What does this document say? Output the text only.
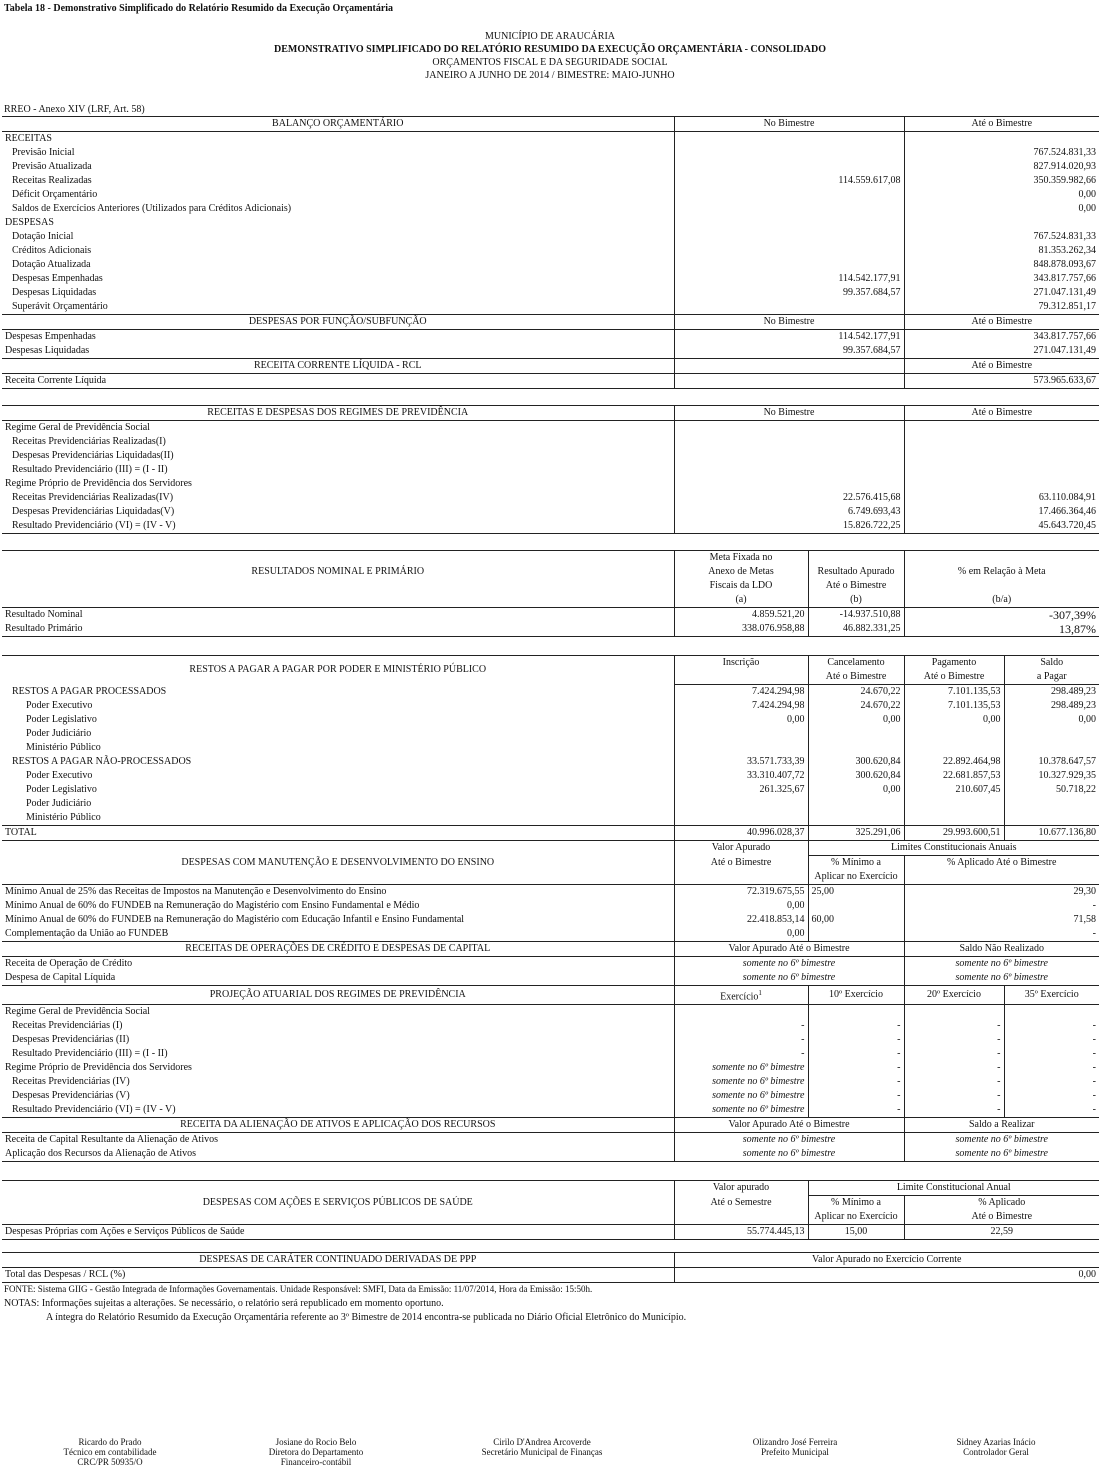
Tabela 18 - Demonstrativo Simplificado do Relatório Resumido da Execução Orçamentária
MUNICÍPIO DE ARAUCÁRIA
DEMONSTRATIVO SIMPLIFICADO DO RELATÓRIO RESUMIDO DA EXECUÇÃO ORÇAMENTÁRIA - CONSOLIDADO
ORÇAMENTOS FISCAL E DA SEGURIDADE SOCIAL
JANEIRO A JUNHO DE 2014 / BIMESTRE: MAIO-JUNHO
RREO - Anexo XIV (LRF, Art. 58)
BALANÇO ORÇAMENTÁRIO	No Bimestre	Até o Bimestre
RECEITAS		
Previsão Inicial		767.524.831,33
Previsão Atualizada		827.914.020,93
Receitas Realizadas	114.559.617,08	350.359.982,66
Déficit Orçamentário		0,00
Saldos de Exercícios Anteriores (Utilizados para Créditos Adicionais)		0,00
DESPESAS		
Dotação Inicial		767.524.831,33
Créditos Adicionais		81.353.262,34
Dotação Atualizada		848.878.093,67
Despesas Empenhadas	114.542.177,91	343.817.757,66
Despesas Liquidadas	99.357.684,57	271.047.131,49
Superávit Orçamentário		79.312.851,17
DESPESAS POR FUNÇÃO/SUBFUNÇÃO	No Bimestre	Até o Bimestre
Despesas Empenhadas	114.542.177,91	343.817.757,66
Despesas Liquidadas	99.357.684,57	271.047.131,49
RECEITA CORRENTE LÍQUIDA - RCL		Até o Bimestre
Receita Corrente Líquida		573.965.633,67
RECEITAS E DESPESAS DOS REGIMES DE PREVIDÊNCIA	No Bimestre	Até o Bimestre
Regime Geral de Previdência Social		
Receitas Previdenciárias Realizadas(I)		
Despesas Previdenciárias Liquidadas(II)		
Resultado Previdenciário (III) = (I - II)		
Regime Próprio de Previdência dos Servidores		
Receitas Previdenciárias Realizadas(IV)	22.576.415,68	63.110.084,91
Despesas Previdenciárias Liquidadas(V)	6.749.693,43	17.466.364,46
Resultado Previdenciário (VI) = (IV - V)	15.826.722,25	45.643.720,45
	Meta Fixada no		
RESULTADOS NOMINAL E PRIMÁRIO	Anexo de Metas	Resultado Apurado	% em Relação à Meta
	Fiscais da LDO	Até o Bimestre	
	(a)	(b)	(b/a)
Resultado Nominal	4.859.521,20	-14.937.510,88	-307,39%
Resultado Primário	338.076.958,88	46.882.331,25	13,87%
RESTOS A PAGAR A PAGAR POR PODER E MINISTÉRIO PÚBLICO	Inscrição	Cancelamento	Pagamento	Saldo
		Até o Bimestre	Até o Bimestre	a Pagar
RESTOS A PAGAR PROCESSADOS	7.424.294,98	24.670,22	7.101.135,53	298.489,23
Poder Executivo	7.424.294,98	24.670,22	7.101.135,53	298.489,23
Poder Legislativo	0,00	0,00	0,00	0,00
Poder Judiciário				
Ministério Público				
RESTOS A PAGAR NÃO-PROCESSADOS	33.571.733,39	300.620,84	22.892.464,98	10.378.647,57
Poder Executivo	33.310.407,72	300.620,84	22.681.857,53	10.327.929,35
Poder Legislativo	261.325,67	0,00	210.607,45	50.718,22
Poder Judiciário				
Ministério Público				
TOTAL	40.996.028,37	325.291,06	29.993.600,51	10.677.136,80
	Valor Apurado	Limites Constitucionais Anuais		
DESPESAS COM MANUTENÇÃO E DESENVOLVIMENTO DO ENSINO	Até o Bimestre	% Mínimo a	% Aplicado Até o Bimestre	
		Aplicar no Exercício		
Mínimo Anual de 25% das Receitas de Impostos na Manutenção e Desenvolvimento do Ensino	72.319.675,55	25,00	29,30	
Mínimo Anual de 60% do FUNDEB na Remuneração do Magistério com Ensino Fundamental e Médio	0,00		-	
Mínimo Anual de 60% do FUNDEB na Remuneração do Magistério com Educação Infantil e Ensino Fundamental	22.418.853,14	60,00	71,58	
Complementação da União ao FUNDEB	0,00		-	
RECEITAS DE OPERAÇÕES DE CRÉDITO E DESPESAS DE CAPITAL	Valor Apurado Até o Bimestre		Saldo Não Realizado	
Receita de Operação de Crédito	somente no 6º bimestre		somente no 6º bimestre	
Despesa de Capital Líquida	somente no 6º bimestre		somente no 6º bimestre	
PROJEÇÃO ATUARIAL DOS REGIMES DE PREVIDÊNCIA	Exercício$^1$	10º Exercício	20º Exercício	35º Exercício
Regime Geral de Previdência Social				
Receitas Previdenciárias (I)	-	-	-	-
Despesas Previdenciárias (II)	-	-	-	-
Resultado Previdenciário (III) = (I - II)	-	-	-	-
Regime Próprio de Previdência dos Servidores	somente no 6º bimestre	-	-	-
Receitas Previdenciárias (IV)	somente no 6º bimestre	-	-	-
Despesas Previdenciárias (V)	somente no 6º bimestre	-	-	-
Resultado Previdenciário (VI) = (IV - V)	somente no 6º bimestre	-	-	-
RECEITA DA ALIENAÇÃO DE ATIVOS E APLICAÇÃO DOS RECURSOS	Valor Apurado Até o Bimestre		Saldo a Realizar	
Receita de Capital Resultante da Alienação de Ativos	somente no 6º bimestre		somente no 6º bimestre	
Aplicação dos Recursos da Alienação de Ativos	somente no 6º bimestre		somente no 6º bimestre	
	Valor apurado	Limite Constitucional Anual	
DESPESAS COM AÇÕES E SERVIÇOS PÚBLICOS DE SAÚDE	Até o Semestre	% Mínimo a	% Aplicado
		Aplicar no Exercício	Até o Bimestre
Despesas Próprias com Ações e Serviços Públicos de Saúde	55.774.445,13	15,00	22,59
DESPESAS DE CARÁTER CONTINUADO DERIVADAS DE PPP	Valor Apurado no Exercício Corrente
Total das Despesas / RCL (%)	0,00
FONTE: Sistema GIIG - Gestão Integrada de Informações Governamentais. Unidade Responsável: SMFI, Data da Emissão: 11/07/2014, Hora da Emissão: 15:50h.
NOTAS: Informações sujeitas a alterações. Se necessário, o relatório será republicado em momento oportuno.
A íntegra do Relatório Resumido da Execução Orçamentária referente ao 3º Bimestre de 2014 encontra-se publicada no Diário Oficial Eletrônico do Município.
Ricardo do Prado
Técnico em contabilidade
CRC/PR 50935/O
Josiane do Rocio Belo
Diretora do Departamento
Financeiro-contábil
Cirilo D'Andrea Arcoverde
Secretário Municipal de Finanças
Olizandro José Ferreira
Prefeito Municipal
Sidney Azarias Inácio
Controlador Geral
